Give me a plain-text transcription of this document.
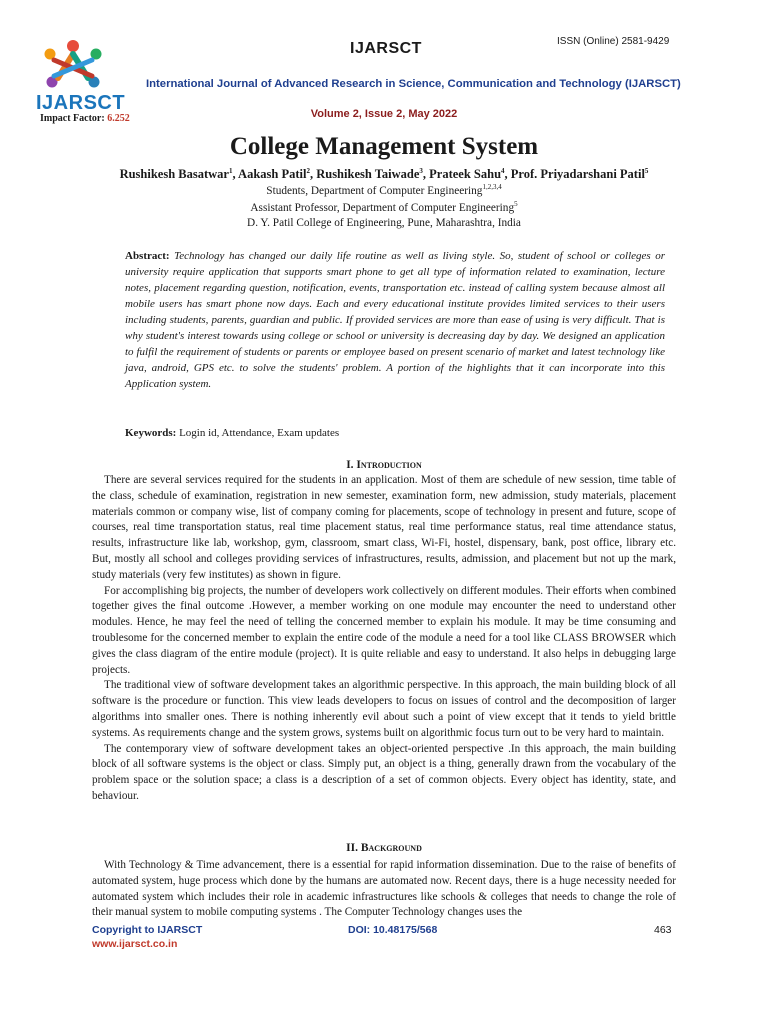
IJARSCT
Impact Factor: 6.252
IJARSCT	ISSN (Online) 2581-9429
International Journal of Advanced Research in Science, Communication and Technology (IJARSCT)
Volume 2, Issue 2, May 2022
College Management System
Rushikesh Basatwar$^1$, Aakash Patil$^2$, Rushikesh Taiwade$^3$, Prateek Sahu$^4$, Prof. Priyadarshani Patil$^5$
Students, Department of Computer Engineering$^{1,2,3,4}$
Assistant Professor, Department of Computer Engineering$^5$
D. Y. Patil College of Engineering, Pune, Maharashtra, India
Abstract: Technology has changed our daily life routine as well as living style. So, student of school or colleges or university require application that supports smart phone to get all type of information related to examination, lecture notes, placement regarding question, notification, events, transportation etc. instead of calling system because almost all mobile users has smart phone now days. Each and every educational institute provides limited services to their users including students, parents, guardian and public. If provided services are more than ease of using is very difficult. That is why student's interest towards using college or school or university is decreasing day by day. We designed an application to fulfil the requirement of students or parents or employee based on present scenario of market and latest technology like java, android, GPS etc. to solve the students' problem. A portion of the highlights that it can incorporate into this Application system.
Keywords: Login id, Attendance, Exam updates
I. Introduction

There are several services required for the students in an application. Most of them are schedule of new session, time table of the class, schedule of examination, registration in new semester, examination form, new admission, study materials, placement materials common or company wise, list of company coming for placements, scope of technology in present and future, scope of courses, real time transportation status, real time placement status, real time performance status, real time attendance status, results, infrastructure like lab, workshop, gym, classroom, smart class, Wi-Fi, hostel, dispensary, bank, post office, library etc. But, mostly all school and colleges providing services of infrastructures, results, admission, and placement but not up the mark, study materials (very few institutes) as shown in figure.

For accomplishing big projects, the number of developers work collectively on different modules. Their efforts when combined together gives the final outcome .However, a member working on one module may encounter the need to understand other modules. Hence, he may feel the need of telling the concerned member to explain his module. It may be time consuming and troublesome for the concerned member to explain the entire code of the module a need for a tool like CLASS BROWSER which gives the class diagram of the entire module (project). It is quite reliable and easy to understand. It also helps in debugging large projects.

The traditional view of software development takes an algorithmic perspective. In this approach, the main building block of all software is the procedure or function. This view leads developers to focus on issues of control and the decomposition of larger algorithms into smaller ones. There is nothing inherently evil about such a point of view except that it tends to yield brittle systems. As requirements change and the system grows, systems built on algorithmic focus turn out to be very hard to maintain.

The contemporary view of software development takes an object-oriented perspective .In this approach, the main building block of all software systems is the object or class. Simply put, an object is a thing, generally drawn from the vocabulary of the problem space or the solution space; a class is a description of a set of common objects. Every object has identity, state, and behaviour.

II. Background

With Technology & Time advancement, there is a essential for rapid information dissemination. Due to the raise of benefits of automated system, huge process which done by the humans are automated now. Recent days, there is a huge necessity needed for automated system which includes their role in academic infrastructures like schools & colleges that needs to change the role of their manual system to mobile computing systems . The Computer Technology changes uses the

Copyright to IJARSCT
www.ijarsct.co.in
DOI: 10.48175/568	463
